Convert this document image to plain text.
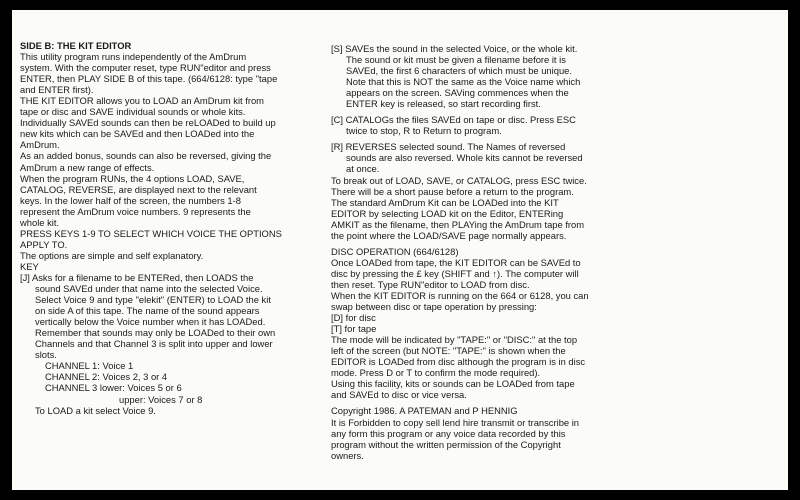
SIDE B: THE KIT EDITOR
This utility program runs independently of the AmDrum
system. With the computer reset, type RUN"editor and press
ENTER, then PLAY SIDE B of this tape. (664/6128: type "tape
and ENTER first).
THE KIT EDITOR allows you to LOAD an AmDrum kit from
tape or disc and SAVE individual sounds or whole kits.
Individually SAVEd sounds can then be reLOADed to build up
new kits which can be SAVEd and then LOADed into the
AmDrum.
As an added bonus, sounds can also be reversed, giving the
AmDrum a new range of effects.
When the program RUNs, the 4 options LOAD, SAVE,
CATALOG, REVERSE, are displayed next to the relevant
keys. In the lower half of the screen, the numbers 1-8
represent the AmDrum voice numbers. 9 represents the
whole kit.
PRESS KEYS 1-9 TO SELECT WHICH VOICE THE OPTIONS
APPLY TO.
The options are simple and self explanatory.
KEY
[J] Asks for a filename to be ENTERed, then LOADS the
sound SAVEd under that name into the selected Voice.
Select Voice 9 and type "elekit" (ENTER) to LOAD the kit
on side A of this tape. The name of the sound appears
vertically below the Voice number when it has LOADed.
Remember that sounds may only be LOADed to their own
Channels and that Channel 3 is split into upper and lower
slots.
CHANNEL 1: Voice 1
CHANNEL 2: Voices 2, 3 or 4
CHANNEL 3 lower: Voices 5 or 6
upper: Voices 7 or 8
To LOAD a kit select Voice 9.
[S] SAVEs the sound in the selected Voice, or the whole kit.
The sound or kit must be given a filename before it is
SAVEd, the first 6 characters of which must be unique.
Note that this is NOT the same as the Voice name which
appears on the screen. SAVing commences when the
ENTER key is released, so start recording first.
[C] CATALOGs the files SAVEd on tape or disc. Press ESC
twice to stop, R to Return to program.
[R] REVERSES selected sound. The Names of reversed
sounds are also reversed. Whole kits cannot be reversed
at once.
To break out of LOAD, SAVE, or CATALOG, press ESC twice.
There will be a short pause before a return to the program.
The standard AmDrum Kit can be LOADed into the KIT
EDITOR by selecting LOAD kit on the Editor, ENTERing
AMKIT as the filename, then PLAYing the AmDrum tape from
the point where the LOAD/SAVE page normally appears.
DISC OPERATION (664/6128)
Once LOADed from tape, the KIT EDITOR can be SAVEd to
disc by pressing the £ key (SHIFT and ↑). The computer will
then reset. Type RUN"editor to LOAD from disc.
When the KIT EDITOR is running on the 664 or 6128, you can
swap between disc or tape operation by pressing:
[D] for disc
[T] for tape
The mode will be indicated by "TAPE:" or "DISC:" at the top
left of the screen (but NOTE: "TAPE:" is shown when the
EDITOR is LOADed from disc although the program is in disc
mode. Press D or T to confirm the mode required).
Using this facility, kits or sounds can be LOADed from tape
and SAVEd to disc or vice versa.
Copyright 1986. A PATEMAN and P HENNIG
It is Forbidden to copy sell lend hire transmit or transcribe in
any form this program or any voice data recorded by this
program without the written permission of the Copyright
owners.
